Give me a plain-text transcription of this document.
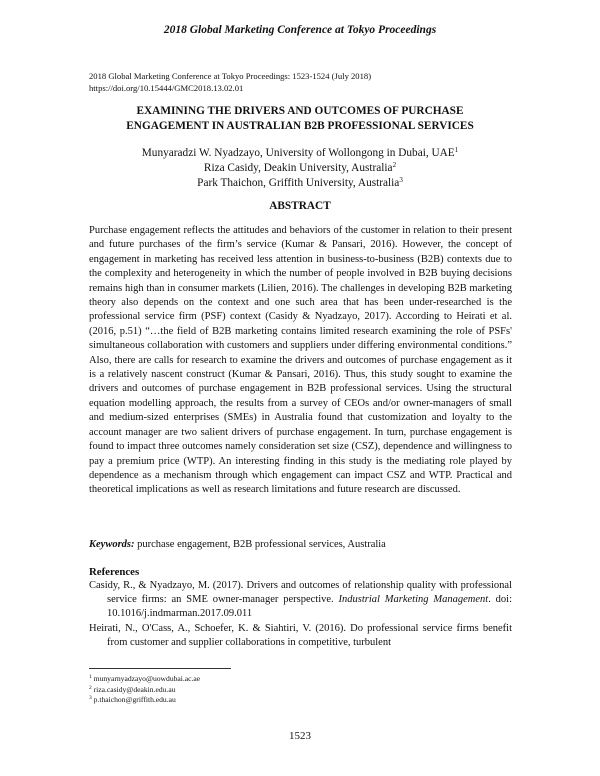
2018 Global Marketing Conference at Tokyo Proceedings
2018 Global Marketing Conference at Tokyo Proceedings: 1523-1524 (July 2018)
https://doi.org/10.15444/GMC2018.13.02.01
EXAMINING THE DRIVERS AND OUTCOMES OF PURCHASE
ENGAGEMENT IN AUSTRALIAN B2B PROFESSIONAL SERVICES
Munyaradzi W. Nyadzayo, University of Wollongong in Dubai, UAE$^1$
Riza Casidy, Deakin University, Australia$^2$
Park Thaichon, Griffith University, Australia$^3$
ABSTRACT
Purchase engagement reflects the attitudes and behaviors of the customer in relation to their present and future purchases of the firm’s service (Kumar & Pansari, 2016). However, the concept of engagement in marketing has received less attention in business-to-business (B2B) contexts due to the complexity and heterogeneity in which the number of people involved in B2B buying decisions remains high than in consumer markets (Lilien, 2016). The challenges in developing B2B marketing theory also depends on the context and one such area that has been under-researched is the professional service firm (PSF) context (Casidy & Nyadzayo, 2017). According to Heirati et al. (2016, p.51) “…the field of B2B marketing contains limited research examining the role of PSFs' simultaneous collaboration with customers and suppliers under differing environmental conditions.” Also, there are calls for research to examine the drivers and outcomes of purchase engagement as it is a relatively nascent construct (Kumar & Pansari, 2016). Thus, this study sought to examine the drivers and outcomes of purchase engagement in B2B professional services. Using the structural equation modelling approach, the results from a survey of CEOs and/or owner-managers of small and medium-sized enterprises (SMEs) in Australia found that customization and loyalty to the account manager are two salient drivers of purchase engagement. In turn, purchase engagement is found to impact three outcomes namely consideration set size (CSZ), dependence and willingness to pay a premium price (WTP). An interesting finding in this study is the mediating role played by dependence as a mechanism through which engagement can impact CSZ and WTP. Practical and theoretical implications as well as research limitations and future research are discussed.
Keywords: purchase engagement, B2B professional services, Australia
References

Casidy, R., & Nyadzayo, M. (2017). Drivers and outcomes of relationship quality with professional service firms: an SME owner-manager perspective. Industrial Marketing Management. doi: 10.1016/j.indmarman.2017.09.011

Heirati, N., O'Cass, A., Schoefer, K. & Siahtiri, V. (2016). Do professional service firms benefit from customer and supplier collaborations in competitive, turbulent

$^1$ munyarnyadzayo@uowdubai.ac.ae
$^2$ riza.casidy@deakin.edu.au
$^3$ p.thaichon@griffith.edu.au
1523
